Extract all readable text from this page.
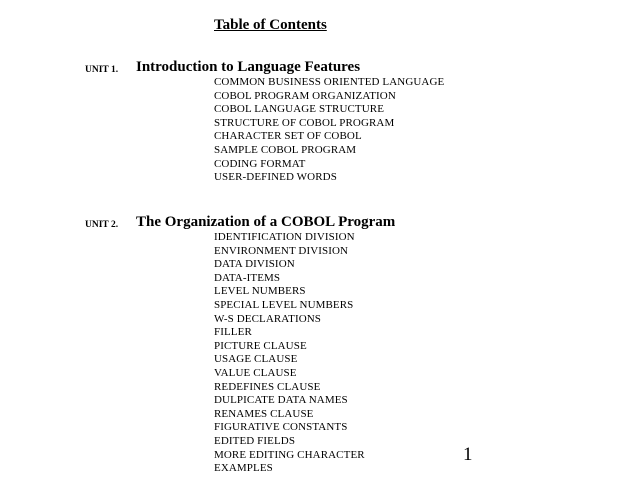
Table of Contents
UNIT 1. Introduction to Language Features
COMMON BUSINESS ORIENTED LANGUAGE
COBOL PROGRAM ORGANIZATION
COBOL LANGUAGE STRUCTURE
STRUCTURE OF COBOL PROGRAM
CHARACTER SET OF COBOL
SAMPLE COBOL PROGRAM
CODING FORMAT
USER-DEFINED WORDS
UNIT 2. The Organization of a COBOL Program
IDENTIFICATION DIVISION
ENVIRONMENT DIVISION
DATA DIVISION
DATA-ITEMS
LEVEL NUMBERS
SPECIAL LEVEL NUMBERS
W-S DECLARATIONS
FILLER
PICTURE CLAUSE
USAGE CLAUSE
VALUE CLAUSE
REDEFINES CLAUSE
DULPICATE DATA NAMES
RENAMES CLAUSE
FIGURATIVE CONSTANTS
EDITED FIELDS
MORE EDITING CHARACTER
EXAMPLES
1
